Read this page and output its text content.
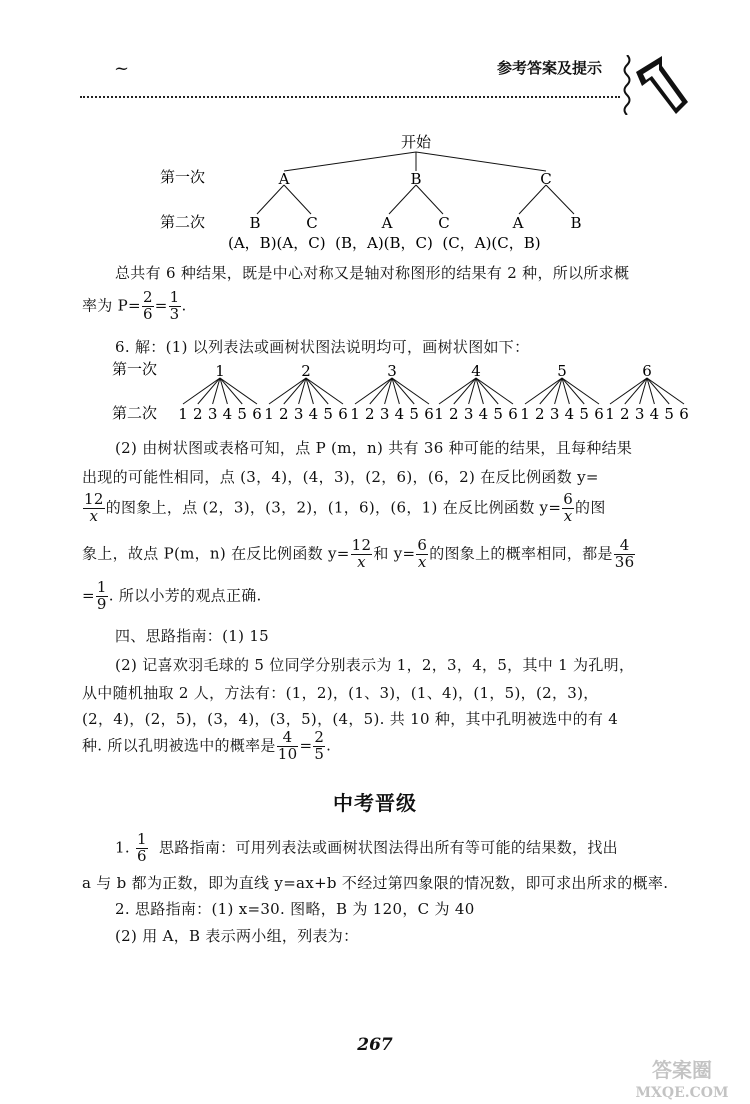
~	参考答案及提示
开始
第一次
第二次
A	B	C
B	C	A	C	A	B
(A，B)(A，C)  (B，A)(B，C)  (C，A)(C，B)
总共有 6 种结果，既是中心对称又是轴对称图形的结果有 2 种，所以所求概
率为 $P= \frac{2}{6} = \frac{1}{3}$ .
6. 解：(1) 以列表法或画树状图法说明均可，画树状图如下：
第一次
第二次
1
1 2 3 4 5 6
2
1 2 3 4 5 6
3
1 2 3 4 5 6
4
1 2 3 4 5 6
5
1 2 3 4 5 6
6
1 2 3 4 5 6
(2) 由树状图或表格可知，点 P (m，n) 共有 36 种可能的结果，且每种结果
出现的可能性相同，点 (3，4)，(4，3)，(2，6)，(6，2) 在反比例函数 y=
$\frac{12}{x}$ 的图象上，点 (2，3)，(3，2)，(1，6)，(6，1) 在反比例函数 $y= \frac{6}{x}$ 的图
象上，故点 P(m，n) 在反比例函数 $y= \frac{12}{x}$ 和 $y= \frac{6}{x}$ 的图象上的概率相同，都是 $\frac{4}{36}$
= $\frac{1}{9}$ . 所以小芳的观点正确.
四、思路指南：(1) 15
(2) 记喜欢羽毛球的 5 位同学分别表示为 1，2，3，4，5，其中 1 为孔明，
从中随机抽取 2 人，方法有：(1，2)，(1、3)，(1、4)，(1，5)，(2，3)，
(2，4)，(2，5)，(3，4)，(3，5)，(4，5). 共 10 种，其中孔明被选中的有 4
种. 所以孔明被选中的概率是 $\frac{4}{10} = \frac{2}{5}$ .
中考晋级
1. $\frac{1}{6}$ 思路指南：可用列表法或画树状图法得出所有等可能的结果数，找出
a 与 b 都为正数，即为直线 y=ax+b 不经过第四象限的情况数，即可求出所求的概率.
2. 思路指南：(1) x=30. 图略，B 为 120，C 为 40
(2) 用 A，B 表示两小组，列表为：
267
答案圈
MXQE.COM
